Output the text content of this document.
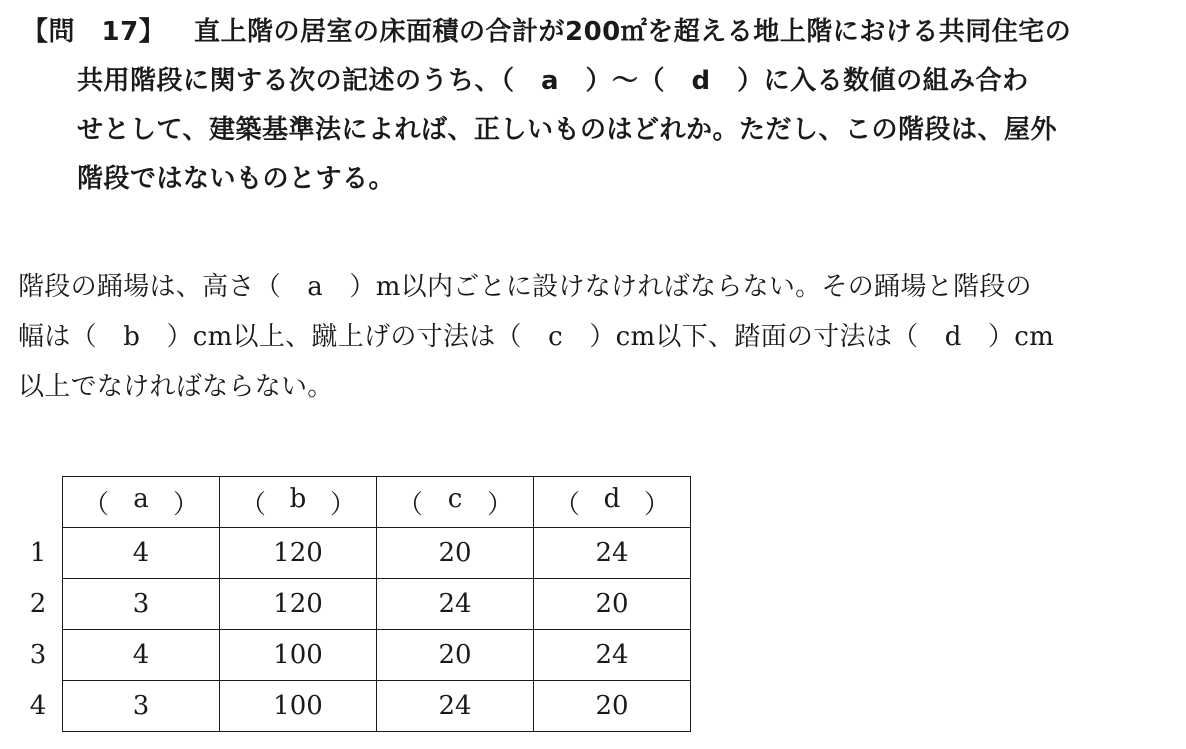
【問　17】 直上階の居室の床面積の合計が200㎡を超える地上階における共同住宅の
共用階段に関する次の記述のうち、（　a　）～（　d　）に入る数値の組み合わ
せとして、建築基準法によれば、正しいものはどれか。ただし、この階段は、屋外
階段ではないものとする。
階段の踊場は、高さ（　a　）m以内ごとに設けなければならない。その踊場と階段の
幅は（　b　）cm以上、蹴上げの寸法は（　c　）cm以下、踏面の寸法は（　d　）cm
以上でなければならない。

	（ a ）	（ b ）	（ c ）	（ d ）

1	4	120	20	24
2	3	120	24	20
3	4	100	20	24
4	3	100	24	20
